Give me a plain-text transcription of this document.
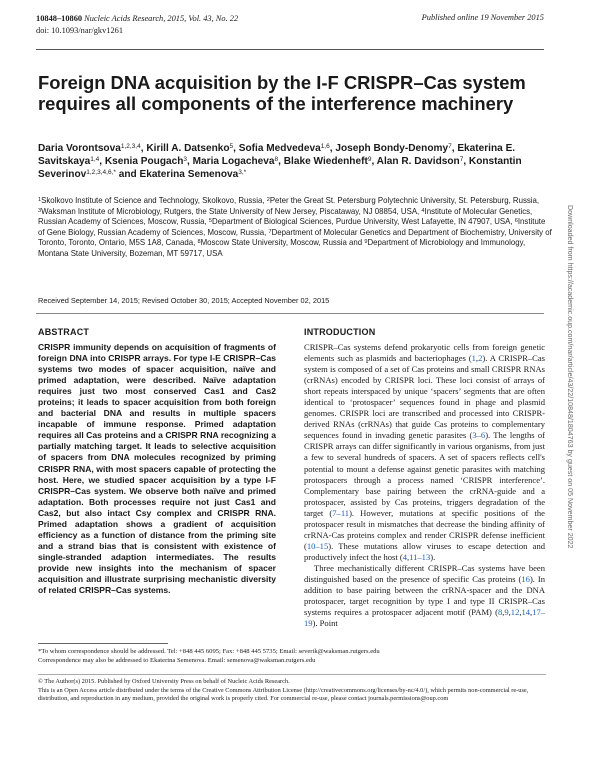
10848–10860 Nucleic Acids Research, 2015, Vol. 43, No. 22
doi: 10.1093/nar/gkv1261
Published online 19 November 2015
Foreign DNA acquisition by the I-F CRISPR–Cas system requires all components of the interference machinery
Daria Vorontsova$^{1,2,3,4}$, Kirill A. Datsenko$^5$, Sofia Medvedeva$^{1,6}$, Joseph Bondy-Denomy$^7$, Ekaterina E. Savitskaya$^{1,4}$, Ksenia Pougach$^3$, Maria Logacheva$^8$, Blake Wiedenheft$^9$, Alan R. Davidson$^7$, Konstantin Severinov$^{1,2,3,4,6,*}$ and Ekaterina Semenova$^{3,*}$
$^1$Skolkovo Institute of Science and Technology, Skolkovo, Russia, $^2$Peter the Great St. Petersburg Polytechnic University, St. Petersburg, Russia, $^3$Waksman Institute of Microbiology, Rutgers, the State University of New Jersey, Piscataway, NJ 08854, USA, $^4$Institute of Molecular Genetics, Russian Academy of Sciences, Moscow, Russia, $^5$Department of Biological Sciences, Purdue University, West Lafayette, IN 47907, USA, $^6$Institute of Gene Biology, Russian Academy of Sciences, Moscow, Russia, $^7$Department of Molecular Genetics and Department of Biochemistry, University of Toronto, Toronto, Ontario, M5S 1A8, Canada, $^8$Moscow State University, Moscow, Russia and $^9$Department of Microbiology and Immunology, Montana State University, Bozeman, MT 59717, USA
Received September 14, 2015; Revised October 30, 2015; Accepted November 02, 2015
ABSTRACT

CRISPR immunity depends on acquisition of fragments of foreign DNA into CRISPR arrays. For type I-E CRISPR–Cas systems two modes of spacer acquisition, naïve and primed adaptation, were described. Naïve adaptation requires just two most conserved Cas1 and Cas2 proteins; it leads to spacer acquisition from both foreign and bacterial DNA and results in multiple spacers incapable of immune response. Primed adaptation requires all Cas proteins and a CRISPR RNA recognizing a partially matching target. It leads to selective acquisition of spacers from DNA molecules recognized by priming CRISPR RNA, with most spacers capable of protecting the host. Here, we studied spacer acquisition by a type I-F CRISPR–Cas system. We observe both naïve and primed adaptation. Both processes require not just Cas1 and Cas2, but also intact Csy complex and CRISPR RNA. Primed adaptation shows a gradient of acquisition efficiency as a function of distance from the priming site and a strand bias that is consistent with existence of single-stranded adaption intermediates. The results provide new insights into the mechanism of spacer acquisition and illustrate surprising mechanistic diversity of related CRISPR–Cas systems.

INTRODUCTION

CRISPR–Cas systems defend prokaryotic cells from foreign genetic elements such as plasmids and bacteriophages (1,2). A CRISPR–Cas system is composed of a set of Cas proteins and small CRISPR RNAs (crRNAs) encoded by CRISPR loci. These loci consist of arrays of short repeats interspaced by unique ‘spacers’ segments that are often identical to ‘protospacer’ sequences found in phage and plasmid genomes. CRISPR loci are transcribed and processed into CRISPR-derived RNAs (crRNAs) that guide Cas proteins to complementary sequences found in invading genetic parasites (3–6). The lengths of CRISPR arrays can differ significantly in various organisms, from just a few to several hundreds of spacers. A set of spacers reflects cell's potential to mount a defense against genetic parasites with matching protospacers through a process named ‘CRISPR interference’. Complementary base pairing between the crRNA-guide and a protospacer, assisted by Cas proteins, triggers degradation of the target (7–11). However, mutations at specific positions of the protospacer result in mismatches that decrease the binding affinity of crRNA-Cas proteins complex and render CRISPR defense inefficient (10–15). These mutations allow viruses to escape detection and productively infect the host (4,11–13).

Three mechanistically different CRISPR–Cas systems have been distinguished based on the presence of specific Cas proteins (16). In addition to base pairing between the crRNA-spacer and the DNA protospacer, target recognition by type I and type II CRISPR–Cas systems requires a protospacer adjacent motif (PAM) (8,9,12,14,17–19). Point

*To whom correspondence should be addressed. Tel: +848 445 6095; Fax: +848 445 5735; Email: severik@waksman.rutgers.edu
Correspondence may also be addressed to Ekaterina Semenova. Email: semenova@waksman.rutgers.edu
© The Author(s) 2015. Published by Oxford University Press on behalf of Nucleic Acids Research.
This is an Open Access article distributed under the terms of the Creative Commons Attribution License (http://creativecommons.org/licenses/by-nc/4.0/), which permits non-commercial re-use, distribution, and reproduction in any medium, provided the original work is properly cited. For commercial re-use, please contact journals.permissions@oup.com
Downloaded from https://academic.oup.com/nar/article/43/22/10848/1804763 by guest on 05 November 2022
